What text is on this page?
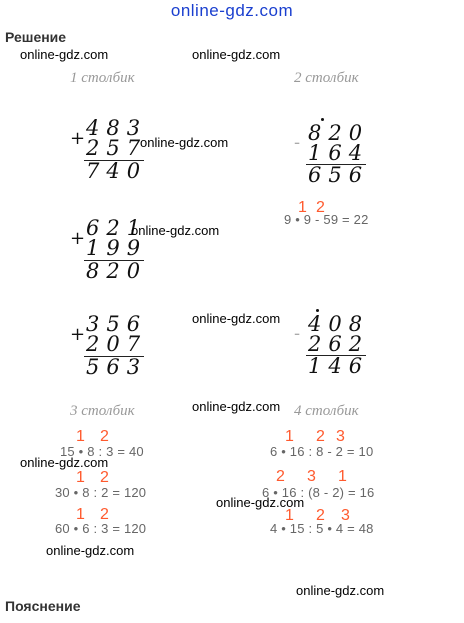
online-gdz.com
Решение
online-gdz.com	online-gdz.com
1 столбик	2 столбик
+ 483
257
740
online-gdz.com
+ 621
199
820
online-gdz.com
+ 356
207
563
online-gdz.com
- 820
164
656
1 2
9 • 9 - 59 = 22
- 408
262
146
3 столбик	online-gdz.com 4 столбик
1 2
15 • 8 : 3 = 40
online-gdz.com
1 2
30 • 8 : 2 = 120
1 2
60 • 6 : 3 = 120
online-gdz.com
1 2 3
6 • 16 : 8 - 2 = 10
2 3 1
6 • 16 : (8 - 2) = 16
online-gdz.com
1 2 3
4 • 15 : 5 • 4 = 48
online-gdz.com
Пояснение
